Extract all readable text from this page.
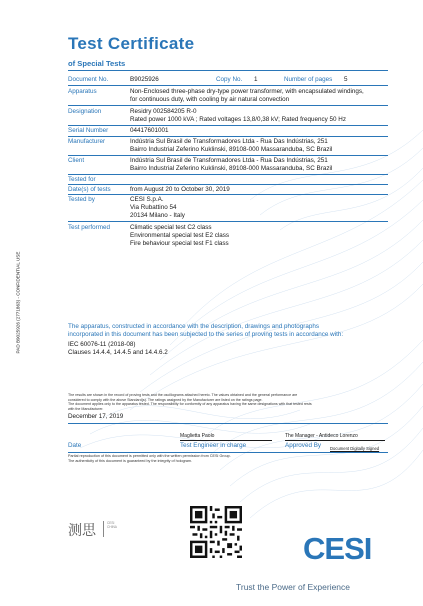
Test Certificate
of Special Tests
Document No.	B9025926	Copy No. 1	Number of pages 5
Apparatus	Non-Enclosed three-phase dry-type power transformer, with encapsulated windings,
for continuous duty, with cooling by air natural convection
Designation	Residry 002584205 R-0
Rated power 1000 kVA ; Rated voltages 13,8/0,38 kV; Rated frequency 50 Hz
Serial Number	04417601001
Manufacturer	Indústria Sul Brasil de Transformadores Ltda - Rua Das Indústrias, 251
Bairro Industrial Zeferino Kuklinski, 89108-000 Massaranduba, SC Brazil
Client	Indústria Sul Brasil de Transformadores Ltda - Rua Das Indústrias, 251
Bairro Industrial Zeferino Kuklinski, 89108-000 Massaranduba, SC Brazil
Tested for
Date(s) of tests	from August 20 to October 30, 2019
Tested by	CESI S.p.A.
Via Rubattino 54
20134 Milano - Italy
Test performed	Climatic special test C2 class
Environmental special test E2 class
Fire behaviour special test F1 class
The apparatus, constructed in accordance with the description, drawings and photographs
incorporated in this document has been subjected to the series of proving tests in accordance with:
IEC 60076-11 (2018-08)
Clauses 14.4.4, 14.4.5 and 14.4.6.2
The results are shown in the record of proving tests and the oscillograms attached hereto. The values obtained and the general performance are
considered to comply with the above Standard(s). The ratings assigned by the Manufacturer are listed on the ratings page.
The document applies only to the apparatus tested. The responsibility for conformity of any apparatus having the same designations with that tested rests
with the Manufacturer.
December 17, 2019
Maglietta Paolo	The Manager - Antideco Lorenzo
Date	Test Engineer in charge	Approved By Document Digitally Signed
Partial reproduction of this document is permitted only with the written permission from CESI Group.
The authenticity of this document is guaranteed by the integrity of hologram.
PAD B9025926 (2771863) - CONFIDENTIAL USE
测思	CESI
CHINA
CESI
Trust the Power of Experience
